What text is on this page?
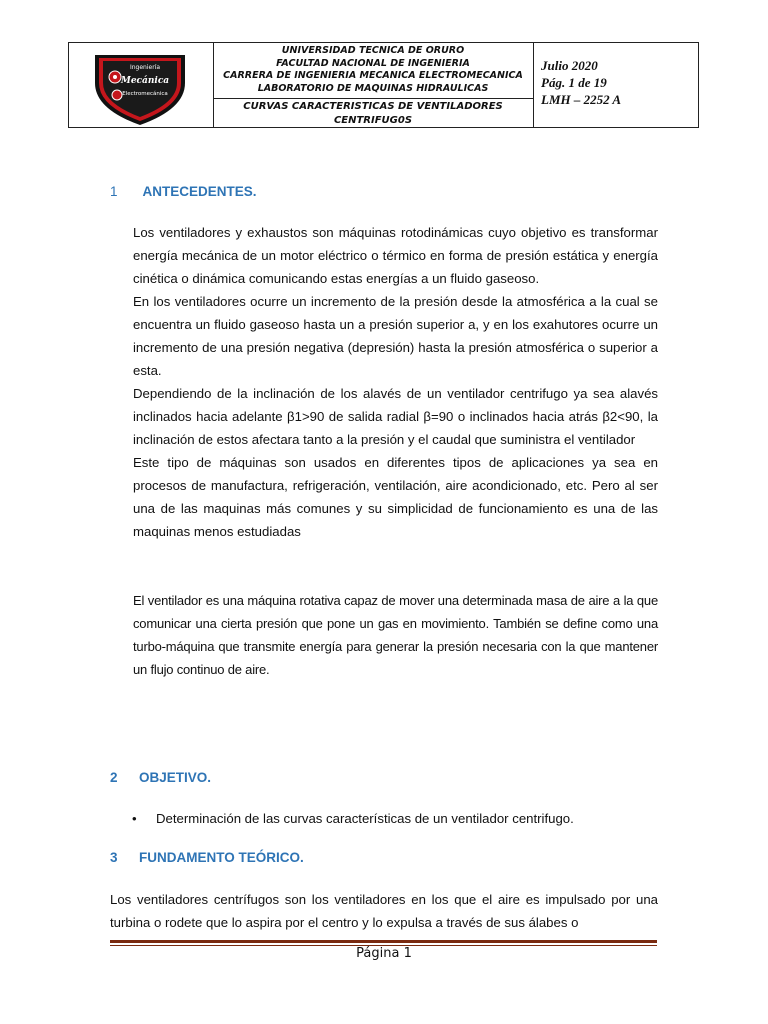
Ingeniería
Mecánica
Electromecánica
UNIVERSIDAD TECNICA DE ORURO
FACULTAD NACIONAL DE INGENIERIA
CARRERA DE INGENIERIA MECANICA ELECTROMECANICA
LABORATORIO DE MAQUINAS HIDRAULICAS
CURVAS CARACTERISTICAS DE VENTILADORES
CENTRIFUG0S
Julio 2020
Pág. 1 de 19
LMH – 2252 A
1 ANTECEDENTES.

Los ventiladores y exhaustos son máquinas rotodinámicas cuyo objetivo es transformar energía mecánica de un motor eléctrico o térmico en forma de presión estática y energía cinética o dinámica comunicando estas energías a un fluido gaseoso.

En los ventiladores ocurre un incremento de la presión desde la atmosférica a la cual se encuentra un fluido gaseoso hasta un a presión superior a, y en los exahutores ocurre un incremento de una presión negativa (depresión) hasta la presión atmosférica o superior a esta.

Dependiendo de la inclinación de los alavés de un ventilador centrifugo ya sea alavés inclinados hacia adelante β1>90 de salida radial β=90 o inclinados hacia atrás β2<90, la inclinación de estos afectara tanto a la presión y el caudal que suministra el ventilador

Este tipo de máquinas son usados en diferentes tipos de aplicaciones ya sea en procesos de manufactura, refrigeración, ventilación, aire acondicionado, etc. Pero al ser una de las maquinas más comunes y su simplicidad de funcionamiento es una de las maquinas menos estudiadas

El ventilador es una máquina rotativa capaz de mover una determinada masa de aire a la que comunicar una cierta presión que pone un gas en movimiento. También se define como una turbo-máquina que transmite energía para generar la presión necesaria con la que mantener un flujo continuo de aire.

2 OBJETIVO.
• Determinación de las curvas características de un ventilador centrifugo.
3 FUNDAMENTO TEÓRICO.

Los ventiladores centrífugos son los ventiladores en los que el aire es impulsado por una turbina o rodete que lo aspira por el centro y lo expulsa a través de sus álabes o

Página 1
